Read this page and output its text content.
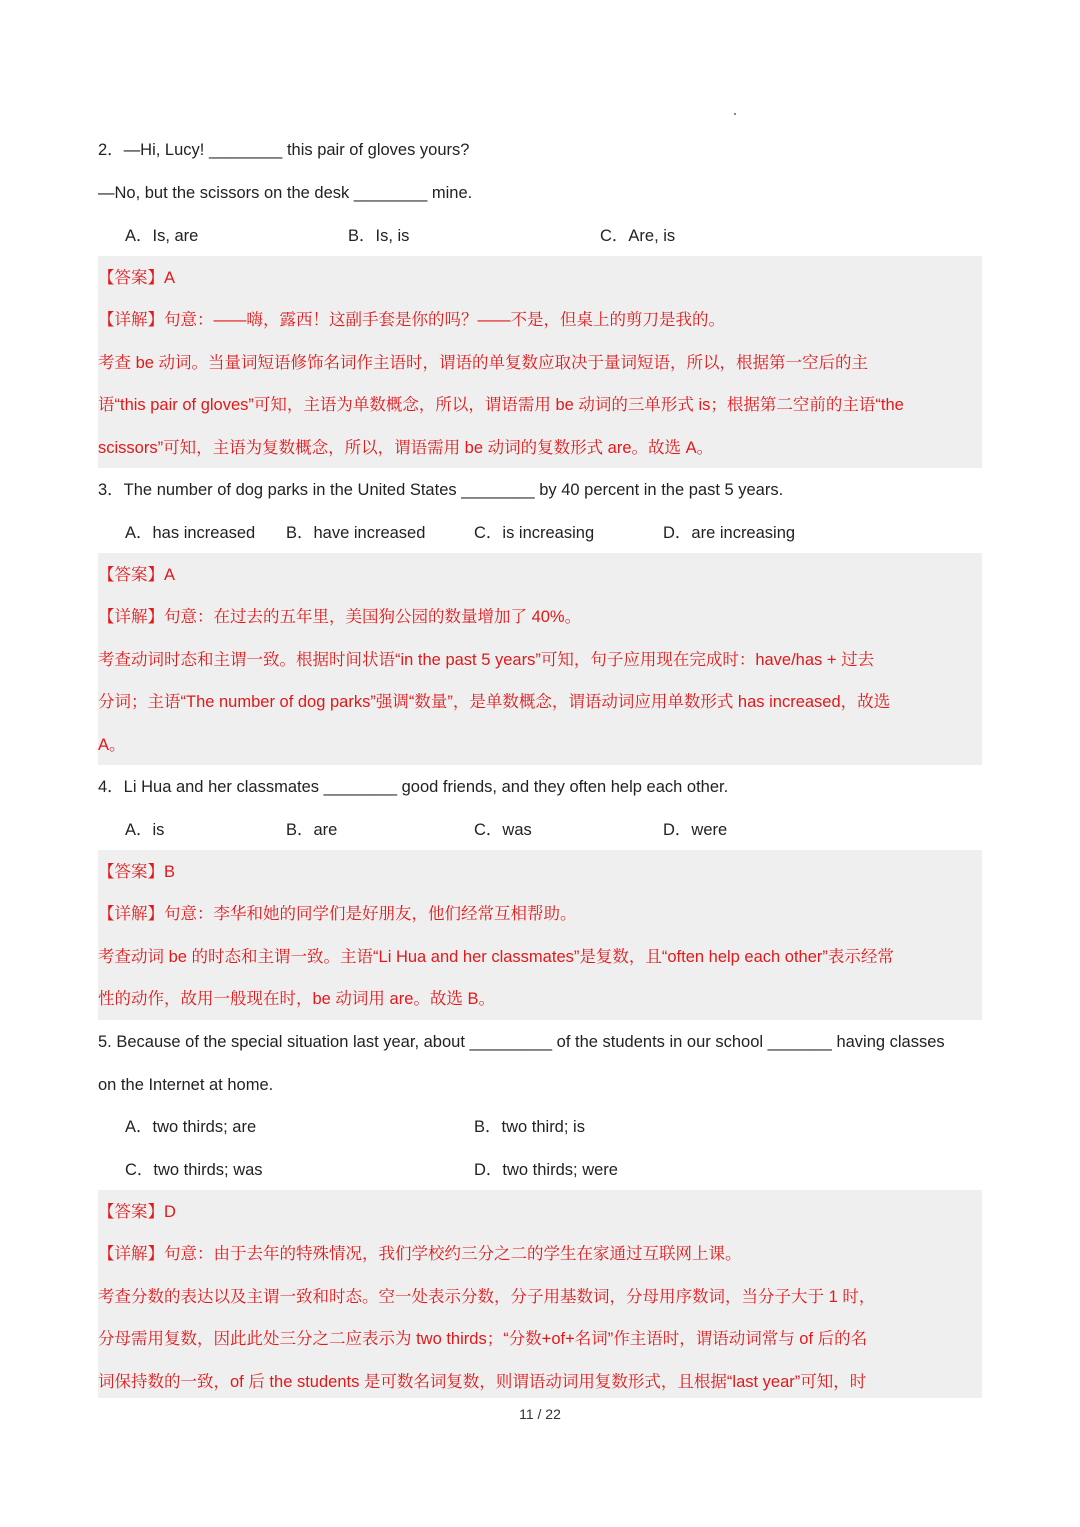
2．—Hi, Lucy! ________ this pair of gloves yours?
—No, but the scissors on the desk ________ mine.
A．Is, are	B．Is, is	C．Are, is
【答案】A
【详解】句意：——嗨，露西！这副手套是你的吗？——不是，但桌上的剪刀是我的。
考查 be 动词。当量词短语修饰名词作主语时，谓语的单复数应取决于量词短语，所以，根据第一空后的主
语“this pair of gloves”可知，主语为单数概念，所以，谓语需用 be 动词的三单形式 is；根据第二空前的主语“the
scissors”可知，主语为复数概念，所以，谓语需用 be 动词的复数形式 are。故选 A。
3．The number of dog parks in the United States ________ by 40 percent in the past 5 years.
A．has increased B．have increased	C．is increasing	D．are increasing
【答案】A
【详解】句意：在过去的五年里，美国狗公园的数量增加了 40%。
考查动词时态和主谓一致。根据时间状语“in the past 5 years”可知，句子应用现在完成时：have/has + 过去
分词；主语“The number of dog parks”强调“数量”，是单数概念，谓语动词应用单数形式 has increased，故选
A。
4．Li Hua and her classmates ________ good friends, and they often help each other.
A．is	B．are	C．was	D．were
【答案】B
【详解】句意：李华和她的同学们是好朋友，他们经常互相帮助。
考查动词 be 的时态和主谓一致。主语“Li Hua and her classmates”是复数，且“often help each other”表示经常
性的动作，故用一般现在时，be 动词用 are。故选 B。
5. Because of the special situation last year, about _________ of the students in our school _______ having classes
on the Internet at home.
A．two thirds; are	B．two third; is
C．two thirds; was	D．two thirds; were
【答案】D
【详解】句意：由于去年的特殊情况，我们学校约三分之二的学生在家通过互联网上课。
考查分数的表达以及主谓一致和时态。空一处表示分数，分子用基数词，分母用序数词，当分子大于 1 时，
分母需用复数，因此此处三分之二应表示为 two thirds；“分数+of+名词”作主语时，谓语动词常与 of 后的名
词保持数的一致，of 后 the students 是可数名词复数，则谓语动词用复数形式，且根据“last year”可知，时
11 / 22
